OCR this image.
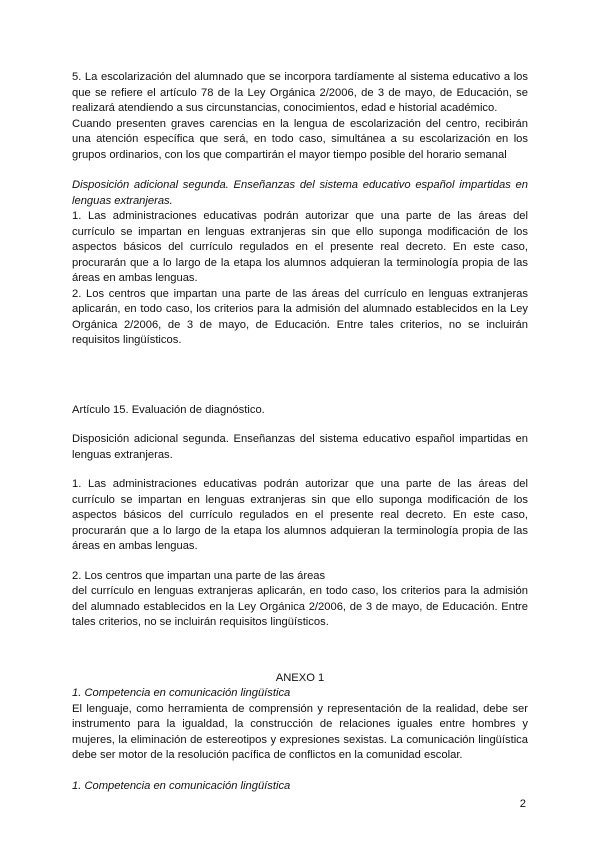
5. La escolarización del alumnado que se incorpora tardíamente al sistema educativo a los que se refiere el artículo 78 de la Ley Orgánica 2/2006, de 3 de mayo, de Educación, se realizará atendiendo a sus circunstancias, conocimientos, edad e historial académico.

Cuando presenten graves carencias en la lengua de escolarización del centro, recibirán una atención específica que será, en todo caso, simultánea a su escolarización en los grupos ordinarios, con los que compartirán el mayor tiempo posible del horario semanal

Disposición adicional segunda. Enseñanzas del sistema educativo español impartidas en lenguas extranjeras.

1. Las administraciones educativas podrán autorizar que una parte de las áreas del currículo se impartan en lenguas extranjeras sin que ello suponga modificación de los aspectos básicos del currículo regulados en el presente real decreto. En este caso, procurarán que a lo largo de la etapa los alumnos adquieran la terminología propia de las áreas en ambas lenguas.

2. Los centros que impartan una parte de las áreas del currículo en lenguas extranjeras aplicarán, en todo caso, los criterios para la admisión del alumnado establecidos en la Ley Orgánica 2/2006, de 3 de mayo, de Educación. Entre tales criterios, no se incluirán requisitos lingüísticos.

Artículo 15. Evaluación de diagnóstico.

Disposición adicional segunda. Enseñanzas del sistema educativo español impartidas en lenguas extranjeras.

1. Las administraciones educativas podrán autorizar que una parte de las áreas del currículo se impartan en lenguas extranjeras sin que ello suponga modificación de los aspectos básicos del currículo regulados en el presente real decreto. En este caso, procurarán que a lo largo de la etapa los alumnos adquieran la terminología propia de las áreas en ambas lenguas.

2. Los centros que impartan una parte de las áreas

del currículo en lenguas extranjeras aplicarán, en todo caso, los criterios para la admisión del alumnado establecidos en la Ley Orgánica 2/2006, de 3 de mayo, de Educación. Entre tales criterios, no se incluirán requisitos lingüísticos.

ANEXO 1

1. Competencia en comunicación lingüística

El lenguaje, como herramienta de comprensión y representación de la realidad, debe ser instrumento para la igualdad, la construcción de relaciones iguales entre hombres y mujeres, la eliminación de estereotipos y expresiones sexistas. La comunicación lingüística debe ser motor de la resolución pacífica de conflictos en la comunidad escolar.

1. Competencia en comunicación lingüística

2
